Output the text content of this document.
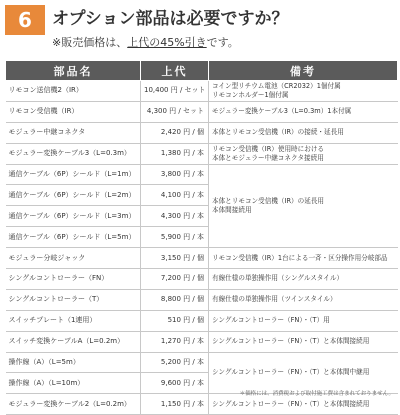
6	オプション部品は必要ですか？
※販売価格は、上代の45%引きです。
部品名	上代	備考
リモコン送信機2（IR）	10,400 円 / セット	コイン型リチウム電池（CR2032）1個付属
リモコンホルダー1個付属
リモコン受信機（IR）	4,300 円 / セット	モジュラー変換ケーブル3（L=0.3m）1本付属
モジュラー中継コネクタ	2,420 円 / 個	本体とリモコン受信機（IR）の接続・延長用
モジュラー変換ケーブル3（L=0.3m）	1,380 円 / 本	リモコン受信機（IR）使用時における
本体とモジュラー中継コネクタ接続用
通信ケーブル（6P）シールド（L=1m）	3,800 円 / 本	本体とリモコン受信機（IR）の延長用
本体間接続用
通信ケーブル（6P）シールド（L=2m）	4,100 円 / 本	
通信ケーブル（6P）シールド（L=3m）	4,300 円 / 本	
通信ケーブル（6P）シールド（L=5m）	5,900 円 / 本	
モジュラー分岐ジャック	3,150 円 / 個	リモコン受信機（IR）1台による一斉・区分操作用分岐部品
シングルコントローラー（FN）	7,200 円 / 個	有線仕様の単独操作用（シングルスタイル）
シングルコントローラー（T）	8,800 円 / 個	有線仕様の単独操作用（ツインスタイル）
スイッチプレート（1連用）	510 円 / 個	シングルコントローラー（FN）・（T）用
スイッチ変換ケーブルA（L=0.2m）	1,270 円 / 本	シングルコントローラー（FN）・（T）と本体間接続用
操作線（A）（L=5m）	5,200 円 / 本	シングルコントローラー（FN）・（T）と本体間中継用
操作線（A）（L=10m）	9,600 円 / 本	
モジュラー変換ケーブル2（L=0.2m）	1,150 円 / 本	シングルコントローラー（FN）・（T）と本体間接続用
＊価格には、消費税および取付施工費は含まれておりません。
